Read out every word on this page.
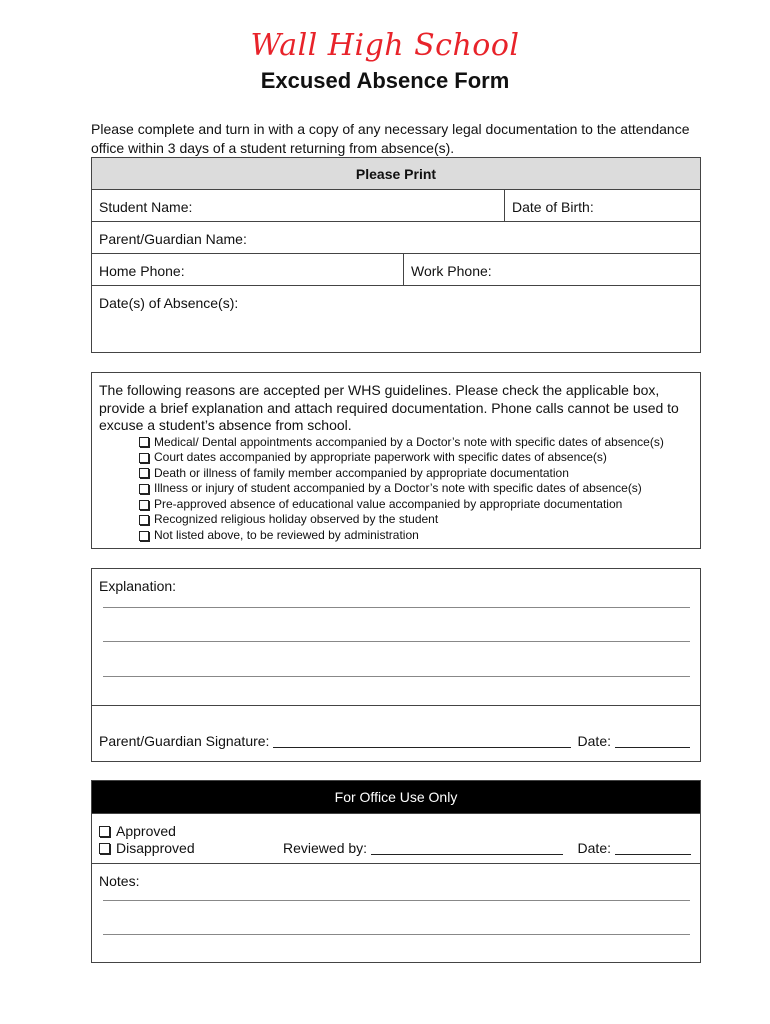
Wall High School
Excused Absence Form
Please complete and turn in with a copy of any necessary legal documentation to the attendance office within 3 days of a student returning from absence(s).
Please Print
Student Name:	Date of Birth:
Parent/Guardian Name:
Home Phone:	Work Phone:
Date(s) of Absence(s):
The following reasons are accepted per WHS guidelines. Please check the applicable box, provide a brief explanation and attach required documentation. Phone calls cannot be used to excuse a student’s absence from school.
Medical/ Dental appointments accompanied by a Doctor’s note with specific dates of absence(s)
Court dates accompanied by appropriate paperwork with specific dates of absence(s)
Death or illness of family member accompanied by appropriate documentation
Illness or injury of student accompanied by a Doctor’s note with specific dates of absence(s)
Pre-approved absence of educational value accompanied by appropriate documentation
Recognized religious holiday observed by the student
Not listed above, to be reviewed by administration
Explanation:
Parent/Guardian Signature:	Date:
For Office Use Only
Approved
Disapproved	Reviewed by:	Date:
Notes:
